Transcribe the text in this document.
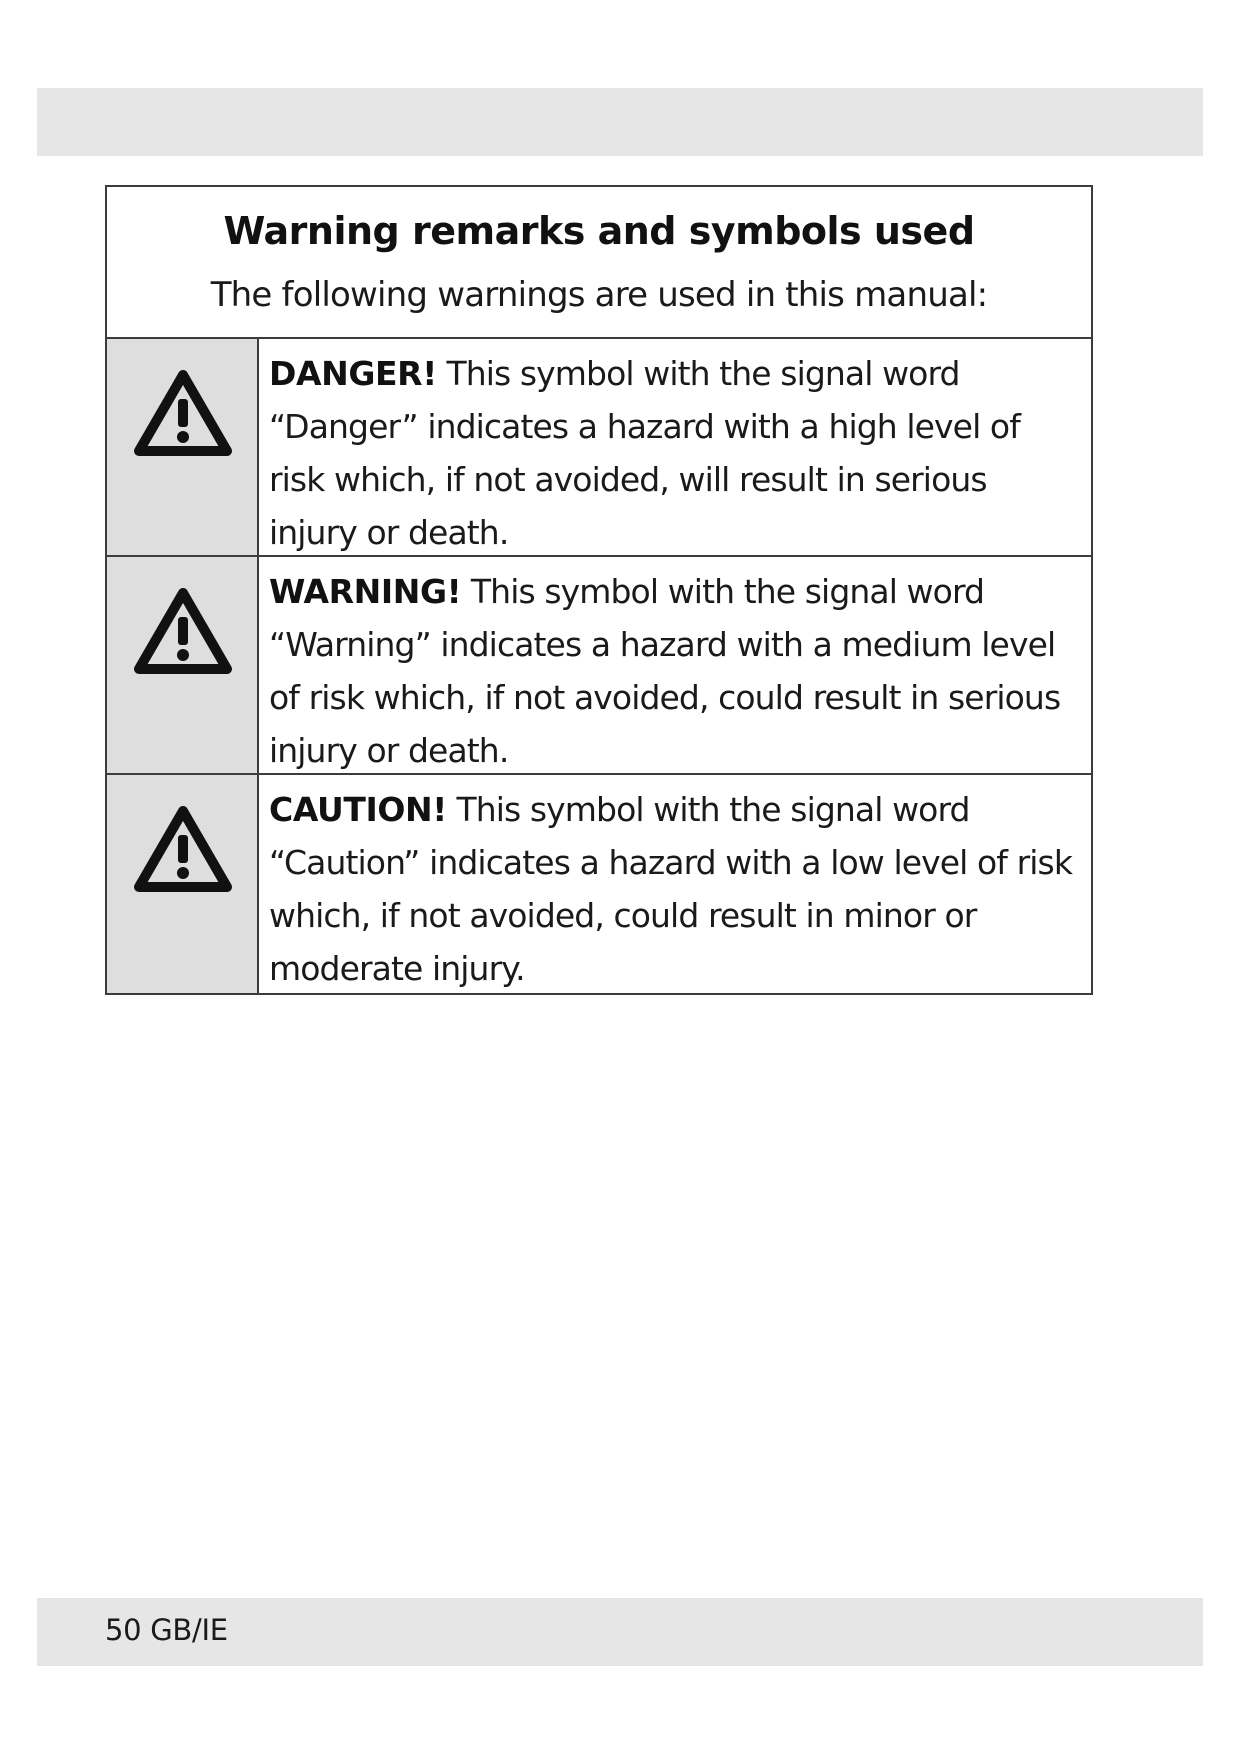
Warning remarks and symbols used
The following warnings are used in this manual:
DANGER! This symbol with the signal word “Danger” indicates a hazard with a high level of risk which, if not avoided, will result in serious injury or death.
WARNING! This symbol with the signal word “Warning” indicates a hazard with a medium level of risk which, if not avoided, could result in serious injury or death.
CAUTION! This symbol with the signal word “Caution” indicates a hazard with a low level of risk which, if not avoided, could result in minor or moderate injury.
50 GB/IE
